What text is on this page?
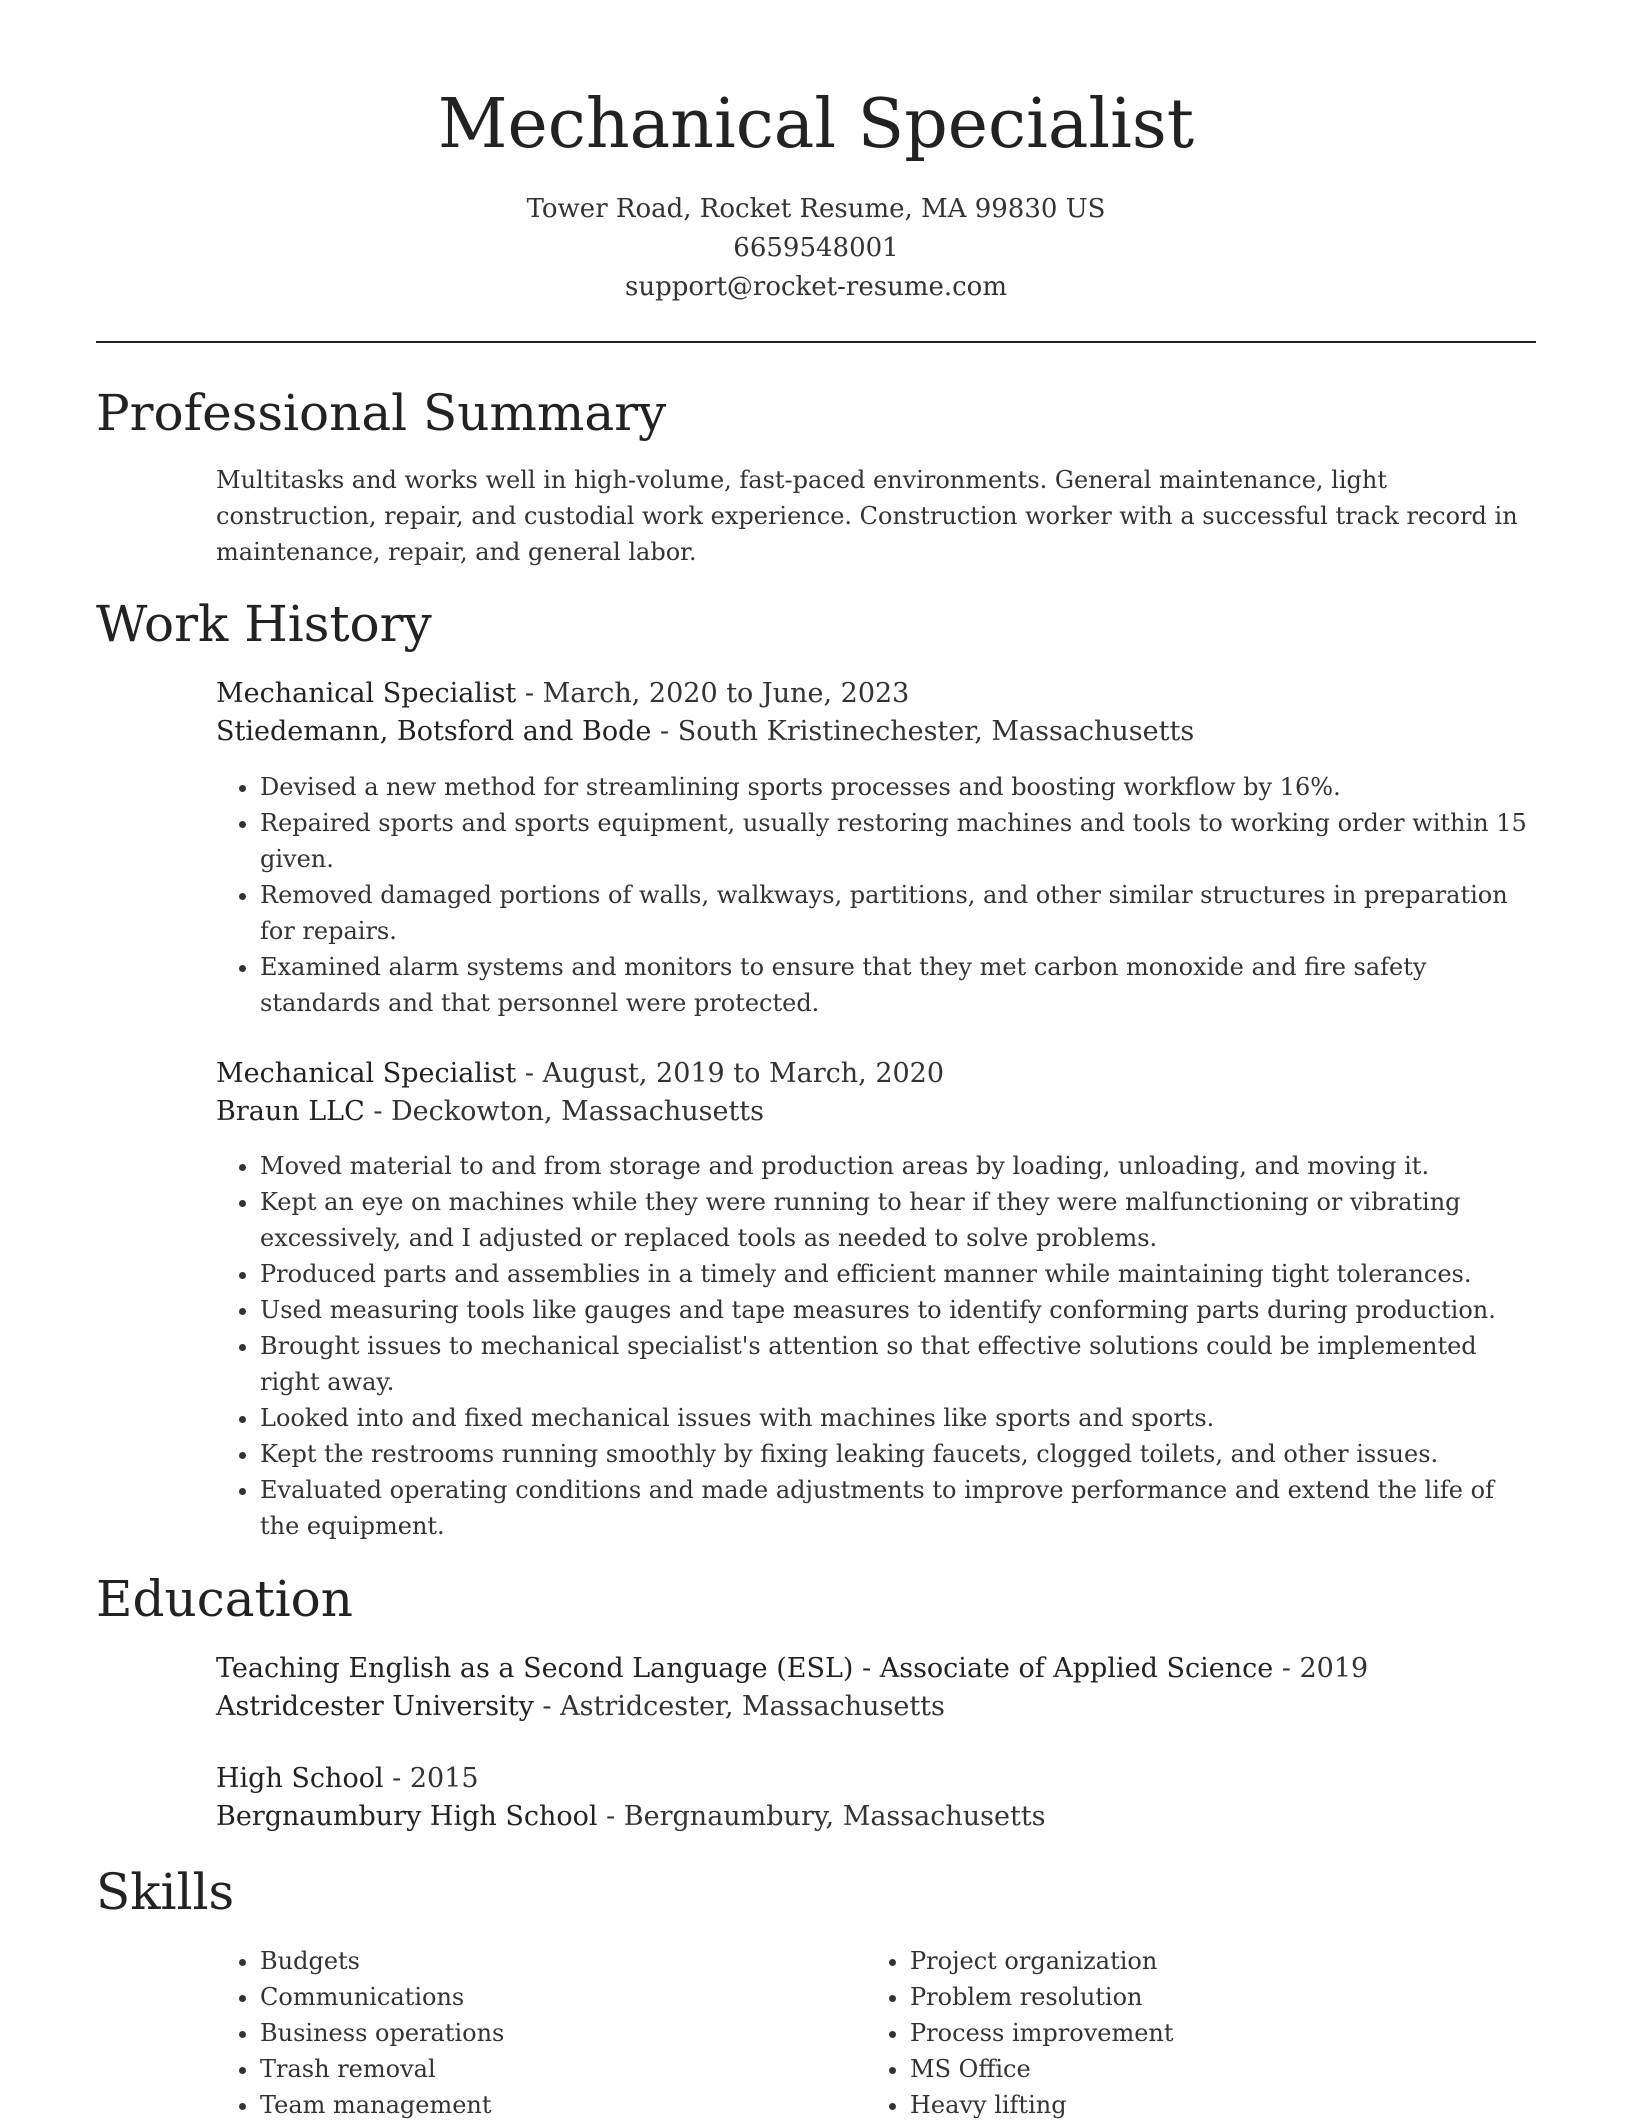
Mechanical Specialist
Tower Road, Rocket Resume, MA 99830 US
6659548001
support@rocket-resume.com
Professional Summary

Multitasks and works well in high-volume, fast-paced environments. General maintenance, light construction, repair, and custodial work experience. Construction worker with a successful track record in maintenance, repair, and general labor.

Work History
Mechanical Specialist - March, 2020 to June, 2023
Stiedemann, Botsford and Bode - South Kristinechester, Massachusetts
• Devised a new method for streamlining sports processes and boosting workflow by 16%.
• Repaired sports and sports equipment, usually restoring machines and tools to working order within 15 given.
• Removed damaged portions of walls, walkways, partitions, and other similar structures in preparation for repairs.
• Examined alarm systems and monitors to ensure that they met carbon monoxide and fire safety standards and that personnel were protected.
Mechanical Specialist - August, 2019 to March, 2020
Braun LLC - Deckowton, Massachusetts
• Moved material to and from storage and production areas by loading, unloading, and moving it.
• Kept an eye on machines while they were running to hear if they were malfunctioning or vibrating excessively, and I adjusted or replaced tools as needed to solve problems.
• Produced parts and assemblies in a timely and efficient manner while maintaining tight tolerances.
• Used measuring tools like gauges and tape measures to identify conforming parts during production.
• Brought issues to mechanical specialist's attention so that effective solutions could be implemented right away.
• Looked into and fixed mechanical issues with machines like sports and sports.
• Kept the restrooms running smoothly by fixing leaking faucets, clogged toilets, and other issues.
• Evaluated operating conditions and made adjustments to improve performance and extend the life of the equipment.
Education
Teaching English as a Second Language (ESL) - Associate of Applied Science - 2019
Astridcester University - Astridcester, Massachusetts
High School - 2015
Bergnaumbury High School - Bergnaumbury, Massachusetts
Skills
• Budgets
• Communications
• Business operations
• Trash removal
• Team management
• Project organization
• Problem resolution
• Process improvement
• MS Office
• Heavy lifting
